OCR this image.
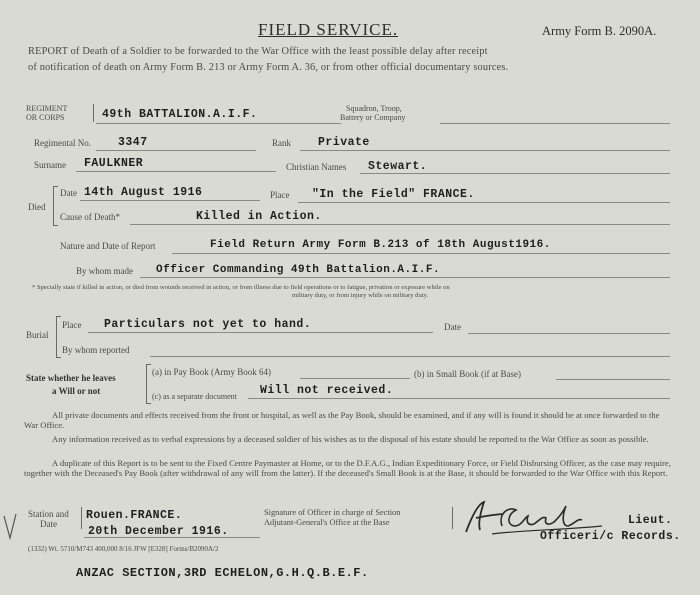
FIELD SERVICE.	Army Form B. 2090A.
REPORT of Death of a Soldier to be forwarded to the War Office with the least possible delay after receipt
of notification of death on Army Form B. 213 or Army Form A. 36, or from other official documentary sources.
REGIMENT
OR CORPS	49th BATTALION.A.I.F.	Squadron, Troop,
Battery or Company
Regimental No. 3347	Rank Private
Surname FAULKNER	Christian Names Stewart.
Died
Date 14th August 1916	Place "In the Field" FRANCE.
Cause of Death*	Killed in Action.
Nature and Date of Report	Field Return Army Form B.213 of 18th August1916.
By whom made Officer Commanding 49th Battalion.A.I.F.
* Specially state if killed in action, or died from wounds received in action, or from illness due to field operations or to fatigue, privation or exposure while on
military duty, or from injury while on military duty.
Burial
Place Particulars not yet to hand.	Date
By whom reported
State whether he leaves
a Will or not
(a) in Pay Book (Army Book 64)	(b) in Small Book (if at Base)
(c) as a separate document Will not received.
All private documents and effects received from the front or hospital, as well as the Pay Book, should be examined, and if any will is found it should be at once forwarded to the War Office.
Any information received as to verbal expressions by a deceased soldier of his wishes as to the disposal of his estate should be reported to the War Office as soon as possible.
A duplicate of this Report is to be sent to the Fixed Centre Paymaster at Home, or to the D.F.A.G., Indian Expeditionary Force, or Field Disbursing Officer, as the case may require, together with the Deceased's Pay Book (after withdrawal of any will from the latter). If the deceased's Small Book is at the Base, it should be forwarded to the War Office with this Report.
Station and
Date
Rouen.FRANCE.
20th December 1916.
Signature of Officer in charge of Section
Adjutant-General's Office at the Base	Lieut.
Officeri/c Records.
(1332) Wt. 5710/M743 400,000 8/16 JFW [E328] Forms/B2090A/2
ANZAC SECTION,3RD ECHELON,G.H.Q.B.E.F.
